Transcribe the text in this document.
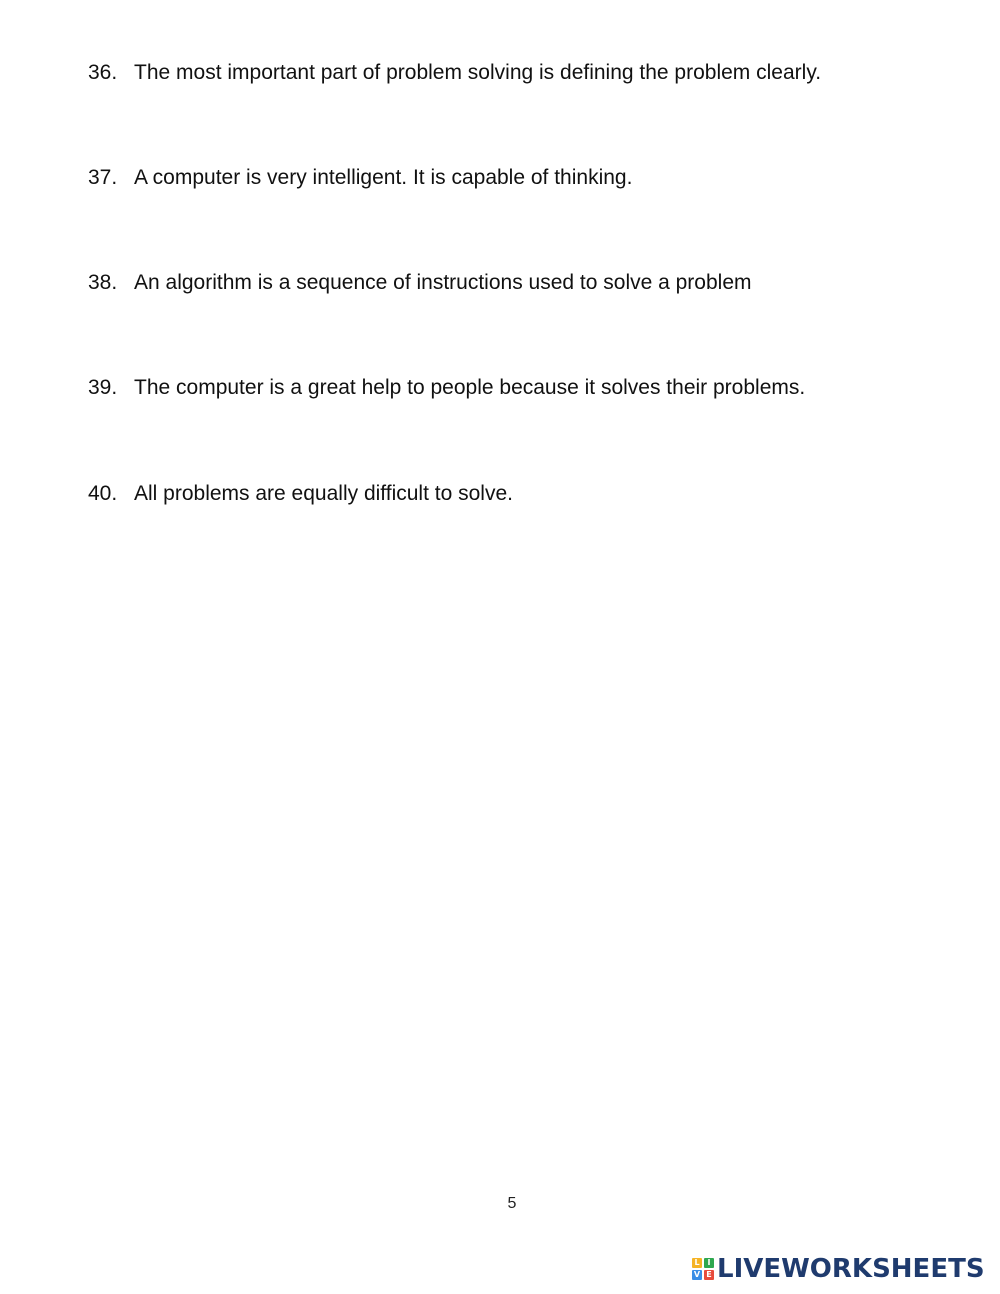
36. The most important part of problem solving is defining the problem clearly.
37. A computer is very intelligent. It is capable of thinking.
38. An algorithm is a sequence of instructions used to solve a problem
39. The computer is a great help to people because it solves their problems.
40. All problems are equally difficult to solve.
5
L I
V E LIVEWORKSHEETS
